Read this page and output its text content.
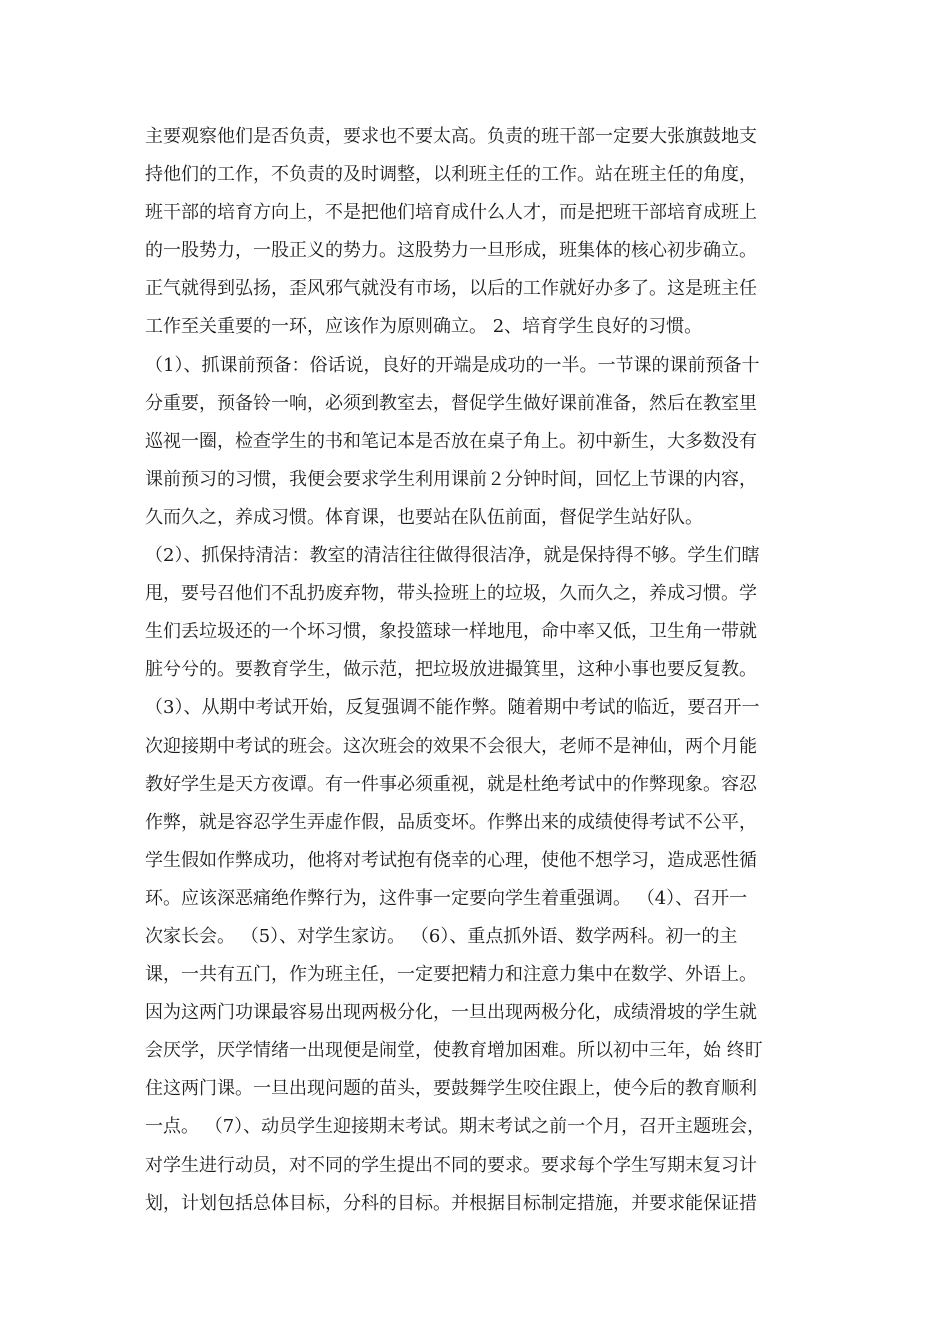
主要观察他们是否负责，要求也不要太高。负责的班干部一定要大张旗鼓地支
持他们的工作，不负责的及时调整，以利班主任的工作。站在班主任的角度，
班干部的培育方向上，不是把他们培育成什么人才，而是把班干部培育成班上
的一股势力，一股正义的势力。这股势力一旦形成，班集体的核心初步确立。
正气就得到弘扬，歪风邪气就没有市场，以后的工作就好办多了。这是班主任
工作至关重要的一环，应该作为原则确立。 2、培育学生良好的习惯。
（1）、抓课前预备：俗话说，良好的开端是成功的一半。一节课的课前预备十
分重要，预备铃一响，必须到教室去，督促学生做好课前准备，然后在教室里
巡视一圈，检查学生的书和笔记本是否放在桌子角上。初中新生，大多数没有
课前预习的习惯，我便会要求学生利用课前２分钟时间，回忆上节课的内容，
久而久之，养成习惯。体育课，也要站在队伍前面，督促学生站好队。
（2）、抓保持清洁：教室的清洁往往做得很洁净，就是保持得不够。学生们瞎
甩，要号召他们不乱扔废弃物，带头捡班上的垃圾，久而久之，养成习惯。学
生们丢垃圾还的一个坏习惯，象投篮球一样地甩，命中率又低，卫生角一带就
脏兮兮的。要教育学生，做示范，把垃圾放进撮箕里，这种小事也要反复教。
（3）、从期中考试开始，反复强调不能作弊。随着期中考试的临近，要召开一
次迎接期中考试的班会。这次班会的效果不会很大，老师不是神仙，两个月能
教好学生是天方夜谭。有一件事必须重视，就是杜绝考试中的作弊现象。容忍
作弊，就是容忍学生弄虚作假，品质变坏。作弊出来的成绩使得考试不公平，
学生假如作弊成功，他将对考试抱有侥幸的心理，使他不想学习，造成恶性循
环。应该深恶痛绝作弊行为，这件事一定要向学生着重强调。 （4）、召开一
次家长会。 （5）、对学生家访。 （6）、重点抓外语、数学两科。初一的主
课，一共有五门，作为班主任，一定要把精力和注意力集中在数学、外语上。
因为这两门功课最容易出现两极分化，一旦出现两极分化，成绩滑坡的学生就
会厌学，厌学情绪一出现便是闹堂，使教育增加困难。所以初中三年，始 终盯
住这两门课。一旦出现问题的苗头，要鼓舞学生咬住跟上，使今后的教育顺利
一点。 （7）、动员学生迎接期末考试。期末考试之前一个月，召开主题班会，
对学生进行动员，对不同的学生提出不同的要求。要求每个学生写期末复习计
划，计划包括总体目标，分科的目标。并根据目标制定措施，并要求能保证措
